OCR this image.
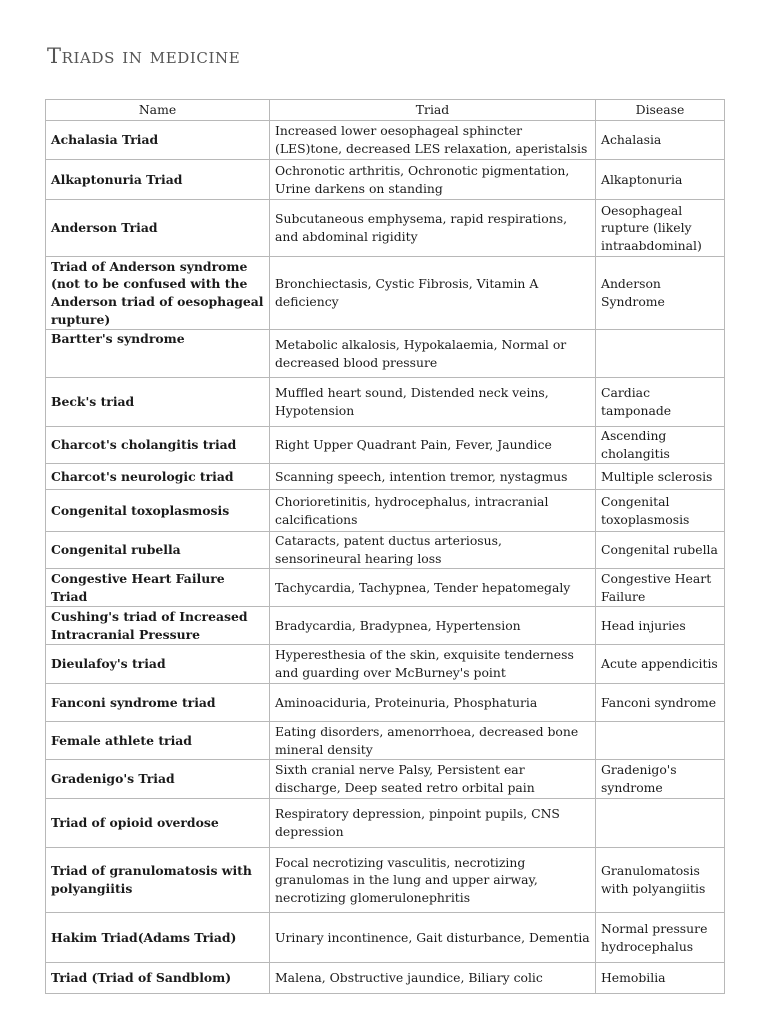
Triads in medicine
Name	Triad	Disease
Achalasia Triad	Increased lower oesophageal sphincter (LES)tone, decreased LES relaxation, aperistalsis	Achalasia
Alkaptonuria Triad	Ochronotic arthritis, Ochronotic pigmentation, Urine darkens on standing	Alkaptonuria
Anderson Triad	Subcutaneous emphysema, rapid respirations, and abdominal rigidity	Oesophageal rupture (likely intraabdominal)
Triad of Anderson syndrome (not to be confused with the Anderson triad of oesophageal rupture)	Bronchiectasis, Cystic Fibrosis, Vitamin A deficiency	Anderson Syndrome
Bartter's syndrome	Metabolic alkalosis, Hypokalaemia, Normal or decreased blood pressure	
Beck's triad	Muffled heart sound, Distended neck veins, Hypotension	Cardiac tamponade
Charcot's cholangitis triad	Right Upper Quadrant Pain, Fever, Jaundice	Ascending cholangitis
Charcot's neurologic triad	Scanning speech, intention tremor, nystagmus	Multiple sclerosis
Congenital toxoplasmosis	Chorioretinitis, hydrocephalus, intracranial calcifications	Congenital toxoplasmosis
Congenital rubella	Cataracts, patent ductus arteriosus, sensorineural hearing loss	Congenital rubella
Congestive Heart Failure Triad	Tachycardia, Tachypnea, Tender hepatomegaly	Congestive Heart Failure
Cushing's triad of Increased Intracranial Pressure	Bradycardia, Bradypnea, Hypertension	Head injuries
Dieulafoy's triad	Hyperesthesia of the skin, exquisite tenderness and guarding over McBurney's point	Acute appendicitis
Fanconi syndrome triad	Aminoaciduria, Proteinuria, Phosphaturia	Fanconi syndrome
Female athlete triad	Eating disorders, amenorrhoea, decreased bone mineral density	
Gradenigo's Triad	Sixth cranial nerve Palsy, Persistent ear discharge, Deep seated retro orbital pain	Gradenigo's syndrome
Triad of opioid overdose	Respiratory depression, pinpoint pupils, CNS depression	
Triad of granulomatosis with polyangiitis	Focal necrotizing vasculitis, necrotizing granulomas in the lung and upper airway, necrotizing glomerulonephritis	Granulomatosis with polyangiitis
Hakim Triad(Adams Triad)	Urinary incontinence, Gait disturbance, Dementia	Normal pressure hydrocephalus
Triad (Triad of Sandblom)	Malena, Obstructive jaundice, Biliary colic	Hemobilia
